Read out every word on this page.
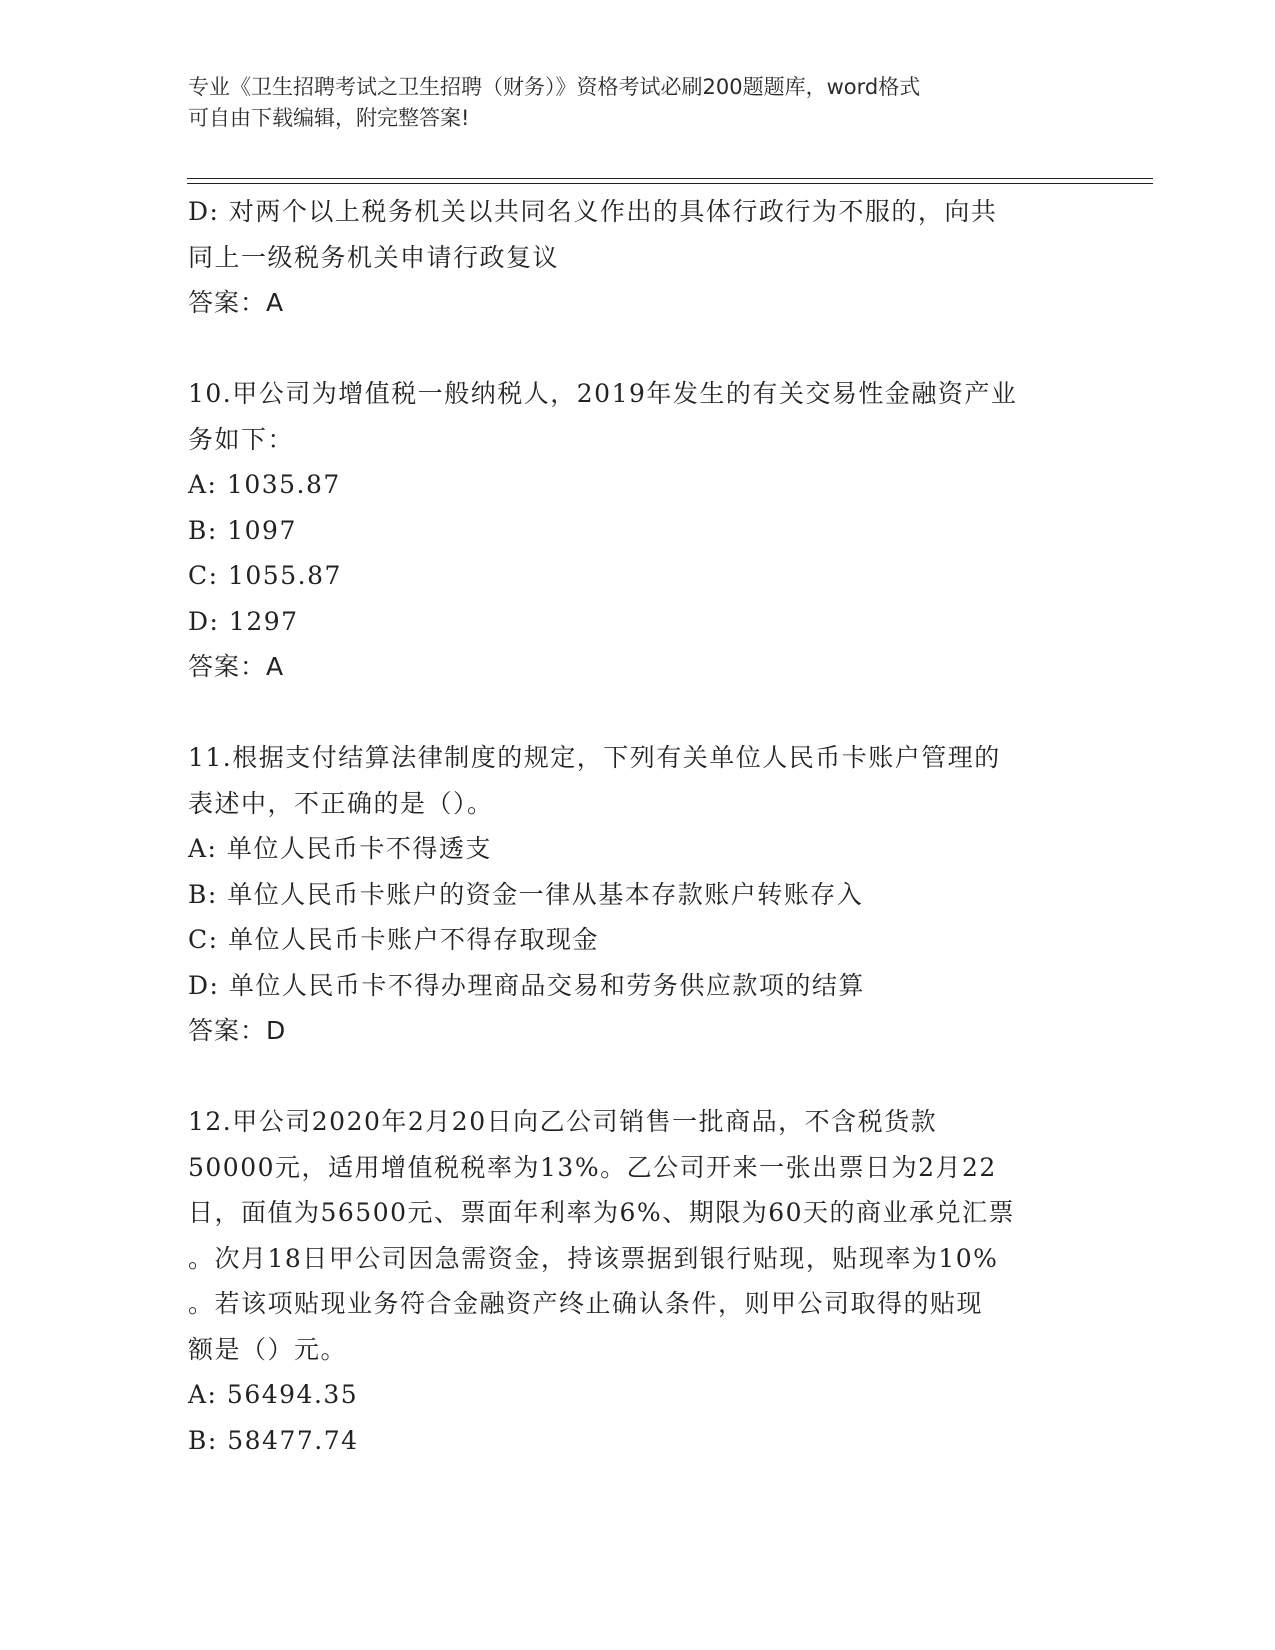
专业《卫生招聘考试之卫生招聘（财务）》资格考试必刷200题题库，word格式
可自由下载编辑，附完整答案!
D: 对两个以上税务机关以共同名义作出的具体行政行为不服的，向共
同上一级税务机关申请行政复议
答案：A
10.甲公司为增值税一般纳税人，2019年发生的有关交易性金融资产业
务如下：
A: 1035.87
B: 1097
C: 1055.87
D: 1297
答案：A
11.根据支付结算法律制度的规定，下列有关单位人民币卡账户管理的
表述中，不正确的是（）。
A: 单位人民币卡不得透支
B: 单位人民币卡账户的资金一律从基本存款账户转账存入
C: 单位人民币卡账户不得存取现金
D: 单位人民币卡不得办理商品交易和劳务供应款项的结算
答案：D
12.甲公司2020年2月20日向乙公司销售一批商品，不含税货款
50000元，适用增值税税率为13%。乙公司开来一张出票日为2月22
日，面值为56500元、票面年利率为6%、期限为60天的商业承兑汇票
。次月18日甲公司因急需资金，持该票据到银行贴现，贴现率为10%
。若该项贴现业务符合金融资产终止确认条件，则甲公司取得的贴现
额是（）元。
A: 56494.35
B: 58477.74
